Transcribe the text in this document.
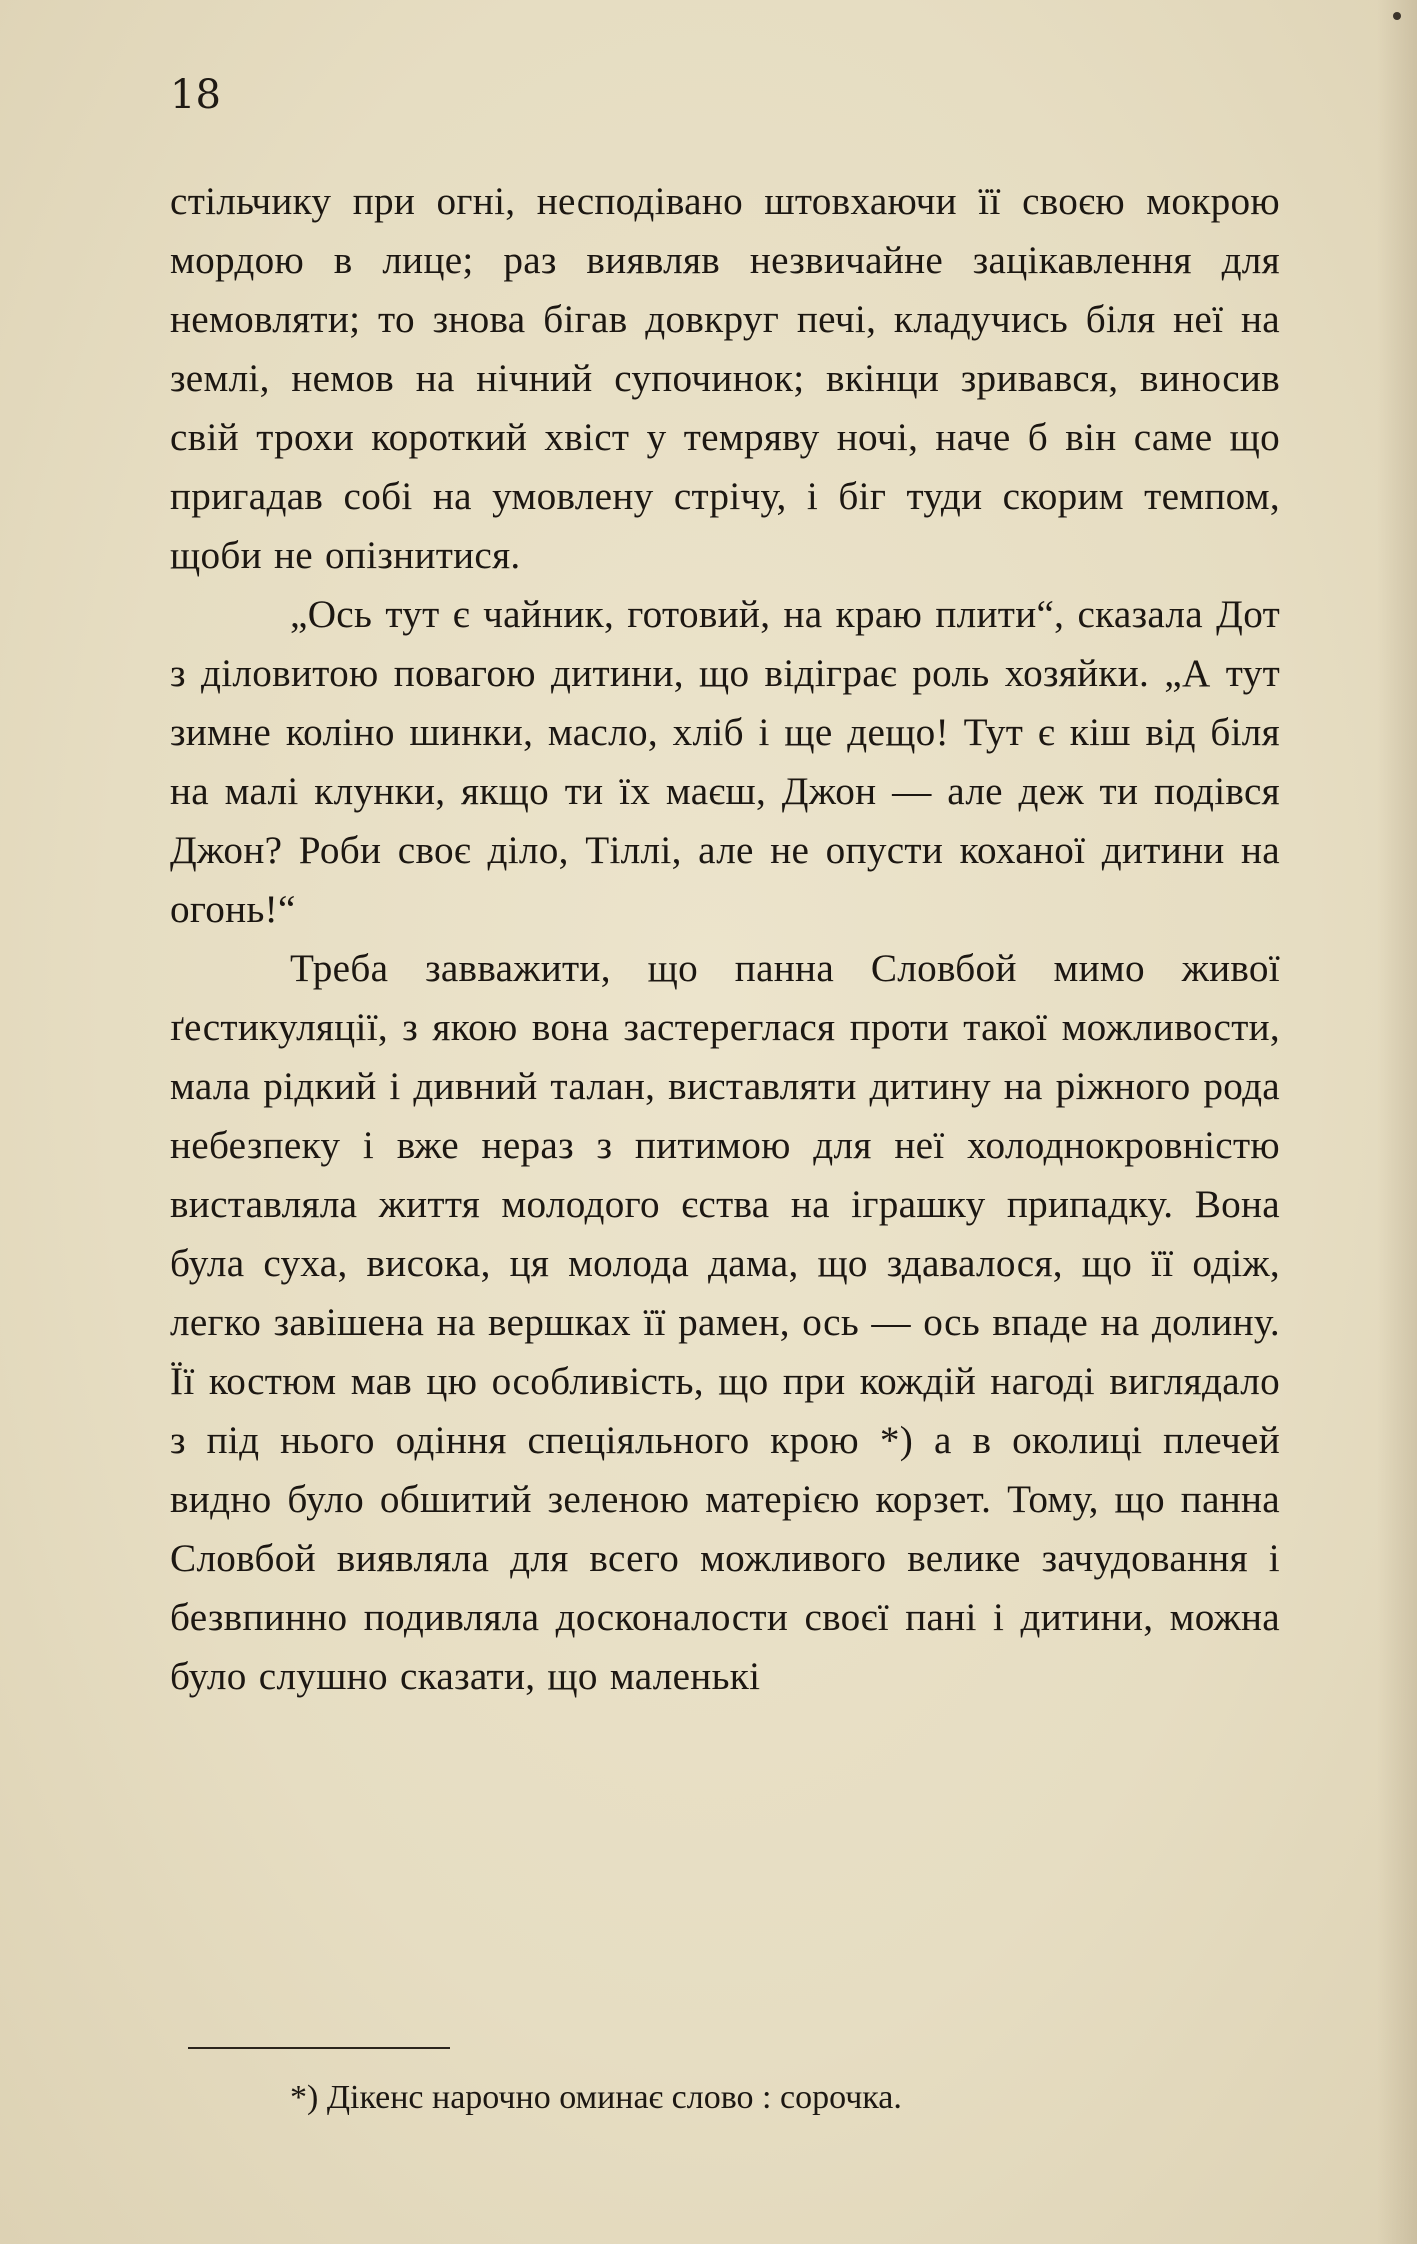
18

стільчику при огні, несподівано штовхаючи її своєю мокрою мордою в лице; раз виявляв незвичайне зацікавлення для немовляти; то знова бігав довкруг печі, кладучись біля неї на землі, немов на нічний супочинок; вкінци зривався, виносив свій трохи короткий хвіст у темряву ночі, наче б він саме що пригадав собі на умовлену стрічу, і біг туди скорим темпом, щоби не опізнитися.

„Ось тут є чайник, готовий, на краю плити“, сказала Дот з діловитою повагою дитини, що відіграє роль хозяйки. „А тут зимне коліно шинки, масло, хліб і ще дещо! Тут є кіш від біля на малі клунки, якщо ти їх маєш, Джон — але деж ти подівся Джон? Роби своє діло, Тіллі, але не опусти коханої дитини на огонь!“

Треба завважити, що панна Словбой мимо живої ґестикуляції, з якою вона застереглася проти такої можливости, мала рідкий і дивний талан, виставляти дитину на ріжного рода небезпеку і вже нераз з питимою для неї холоднокровністю виставляла життя молодого єства на іграшку припадку. Вона була суха, висока, ця молода дама, що здавалося, що її одіж, легко завішена на вершках її рамен, ось — ось впаде на долину. Її костюм мав цю особливість, що при кождій нагоді виглядало з під нього одіння спеціяльного крою *) а в околиці плечей видно було обшитий зеленою матерією корзет. Тому, що панна Словбой виявляла для всего можливого велике зачудовання і безвпинно подивляла досконалости своєї пані і дитини, можна було слушно сказати, що маленькі

*) Дікенс нарочно оминає слово : сорочка.
